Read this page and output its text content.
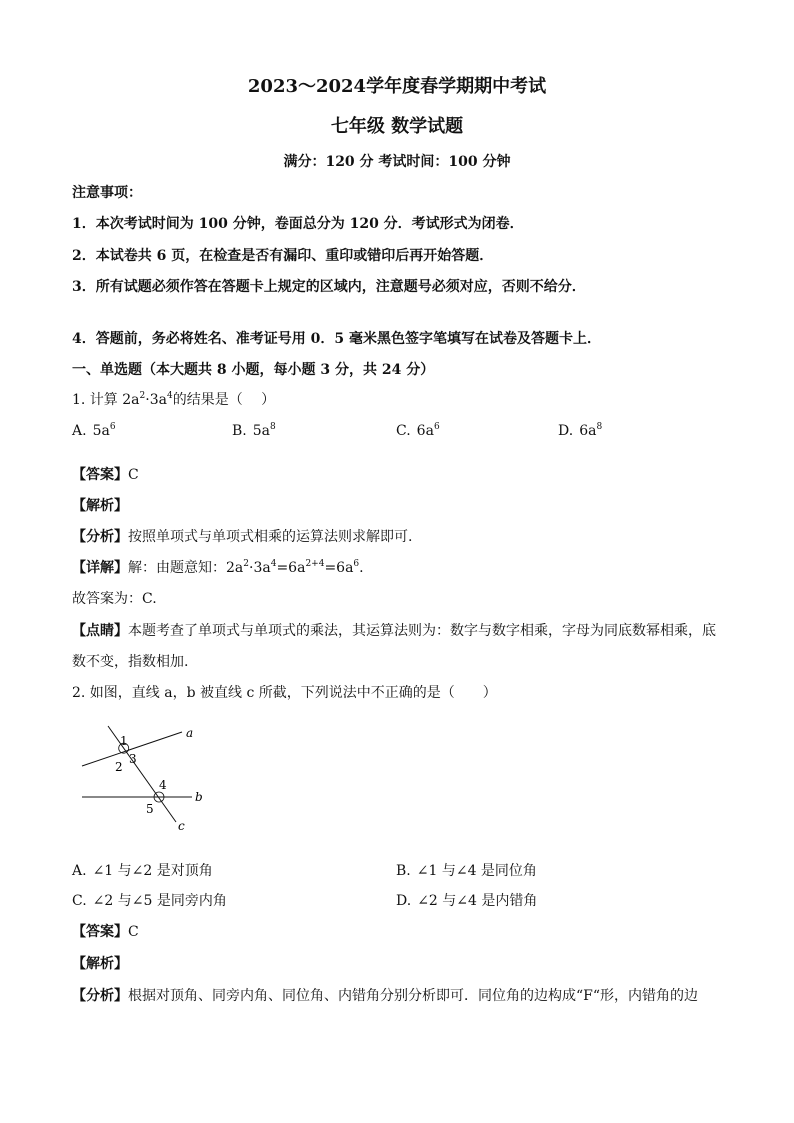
2023～2024学年度春学期期中考试
七年级 数学试题
满分：120 分 考试时间：100 分钟
注意事项：
1．本次考试时间为 100 分钟，卷面总分为 120 分．考试形式为闭卷．
2．本试卷共 6 页，在检查是否有漏印、重印或错印后再开始答题．
3．所有试题必须作答在答题卡上规定的区域内，注意题号必须对应，否则不给分．
4．答题前，务必将姓名、准考证号用 0．5 毫米黑色签字笔填写在试卷及答题卡上．
一、单选题（本大题共 8 小题，每小题 3 分，共 24 分）
1. 计算 $2a^2\cdot 3a^4$的结果是（　 ）
A. $5a^6$	B. $5a^8$	C. $6a^6$	D. $6a^8$
【答案】C
【解析】
【分析】按照单项式与单项式相乘的运算法则求解即可.
【详解】解：由题意知：$2a^2\cdot 3a^4=6a^{2+4}=6a^6$.
故答案为：C.
【点睛】本题考查了单项式与单项式的乘法，其运算法则为：数字与数字相乘，字母为同底数幂相乘，底
数不变，指数相加.
2. 如图，直线 a，b 被直线 c 所截，下列说法中不正确的是（　　）
a
b
c
1
2
3
4
5
A. ∠1 与∠2 是对顶角	B. ∠1 与∠4 是同位角
C. ∠2 与∠5 是同旁内角	D. ∠2 与∠4 是内错角
【答案】C
【解析】
【分析】根据对顶角、同旁内角、同位角、内错角分别分析即可．同位角的边构成“F“形，内错角的边
